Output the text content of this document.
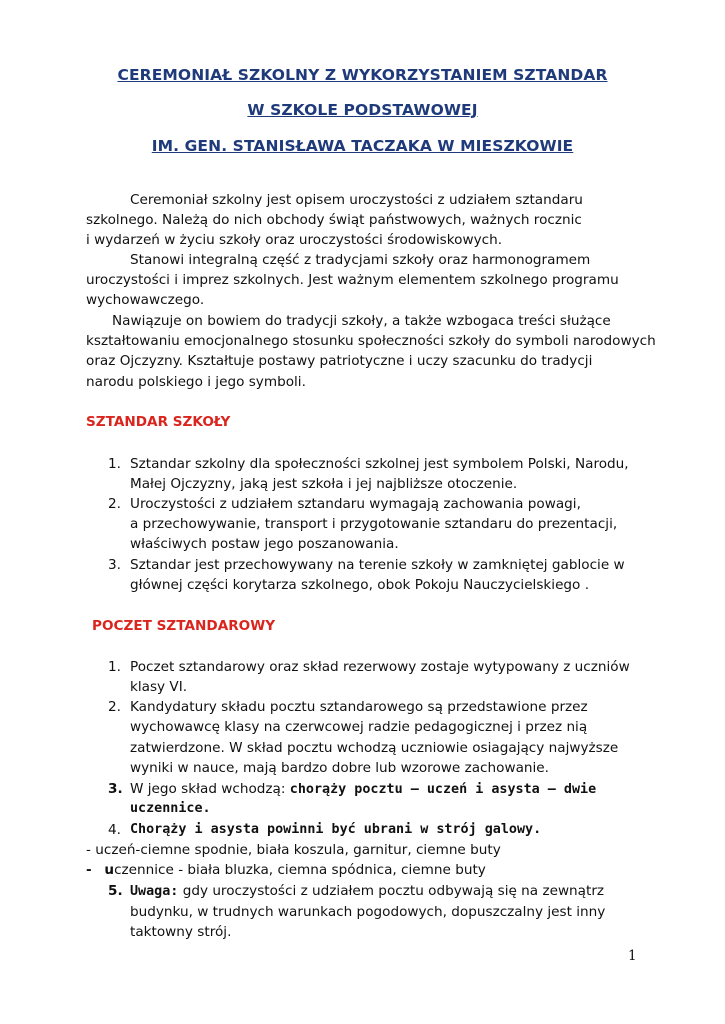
CEREMONIAŁ SZKOLNY Z WYKORZYSTANIEM SZTANDAR
W SZKOLE PODSTAWOWEJ
IM. GEN. STANISŁAWA TACZAKA W MIESZKOWIE
Ceremoniał szkolny jest opisem uroczystości z udziałem sztandaru
szkolnego. Należą do nich obchody świąt państwowych, ważnych rocznic
i wydarzeń w życiu szkoły oraz uroczystości środowiskowych.
Stanowi integralną część z tradycjami szkoły oraz harmonogramem
uroczystości i imprez szkolnych. Jest ważnym elementem szkolnego programu
wychowawczego.
Nawiązuje on bowiem do tradycji szkoły, a także wzbogaca treści służące
kształtowaniu emocjonalnego stosunku społeczności szkoły do symboli narodowych
oraz Ojczyzny. Kształtuje postawy patriotyczne i uczy szacunku do tradycji
narodu polskiego i jego symboli.
SZTANDAR SZKOŁY
1. Sztandar szkolny dla społeczności szkolnej jest symbolem Polski, Narodu,
Małej Ojczyzny, jaką jest szkoła i jej najbliższe otoczenie.
2. Uroczystości z udziałem sztandaru wymagają zachowania powagi,
a przechowywanie, transport i przygotowanie sztandaru do prezentacji,
właściwych postaw jego poszanowania.
3. Sztandar jest przechowywany na terenie szkoły w zamkniętej gablocie w
głównej części korytarza szkolnego, obok Pokoju Nauczycielskiego .
POCZET SZTANDAROWY
1. Poczet sztandarowy oraz skład rezerwowy zostaje wytypowany z uczniów
klasy VI.
2. Kandydatury składu pocztu sztandarowego są przedstawione przez
wychowawcę klasy na czerwcowej radzie pedagogicznej i przez nią
zatwierdzone. W skład pocztu wchodzą uczniowie osiagający najwyższe
wyniki w nauce, mają bardzo dobre lub wzorowe zachowanie.
3. W jego skład wchodzą: chorąży pocztu – uczeń i asysta – dwie
uczennice.
4. Chorąży i asysta powinni być ubrani w strój galowy.
- uczeń-ciemne spodnie, biała koszula, garnitur, ciemne buty
- uczennice - biała bluzka, ciemna spódnica, ciemne buty
5. Uwaga: gdy uroczystości z udziałem pocztu odbywają się na zewnątrz
budynku, w trudnych warunkach pogodowych, dopuszczalny jest inny
taktowny strój.
1
